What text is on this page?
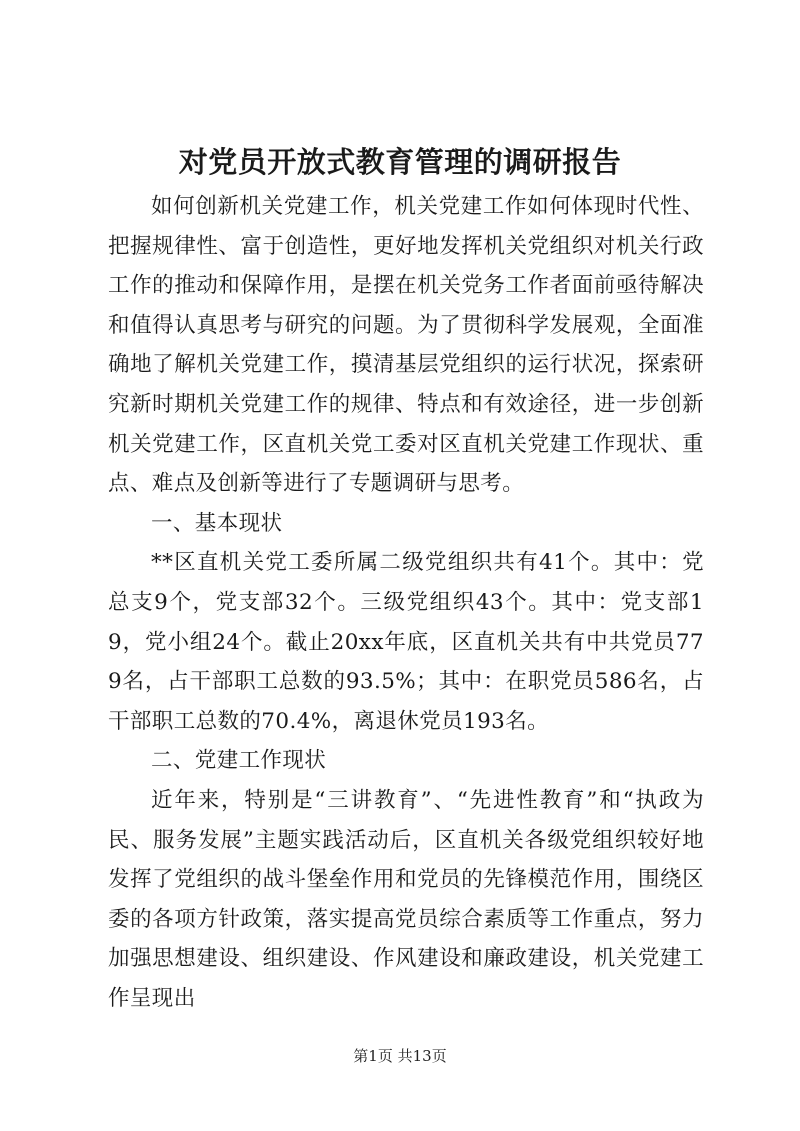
对党员开放式教育管理的调研报告

如何创新机关党建工作，机关党建工作如何体现时代性、把握规律性、富于创造性，更好地发挥机关党组织对机关行政工作的推动和保障作用，是摆在机关党务工作者面前亟待解决和值得认真思考与研究的问题。为了贯彻科学发展观，全面准确地了解机关党建工作，摸清基层党组织的运行状况，探索研究新时期机关党建工作的规律、特点和有效途径，进一步创新机关党建工作，区直机关党工委对区直机关党建工作现状、重点、难点及创新等进行了专题调研与思考。

一、基本现状

**区直机关党工委所属二级党组织共有41个。其中：党总支9个，党支部32个。三级党组织43个。其中：党支部19，党小组24个。截止20xx年底，区直机关共有中共党员779名，占干部职工总数的93.5%；其中：在职党员586名，占干部职工总数的70.4%，离退休党员193名。

二、党建工作现状

近年来，特别是“三讲教育”、“先进性教育”和“执政为民、服务发展”主题实践活动后，区直机关各级党组织较好地发挥了党组织的战斗堡垒作用和党员的先锋模范作用，围绕区委的各项方针政策，落实提高党员综合素质等工作重点，努力加强思想建设、组织建设、作风建设和廉政建设，机关党建工作呈现出

第1页 共13页
